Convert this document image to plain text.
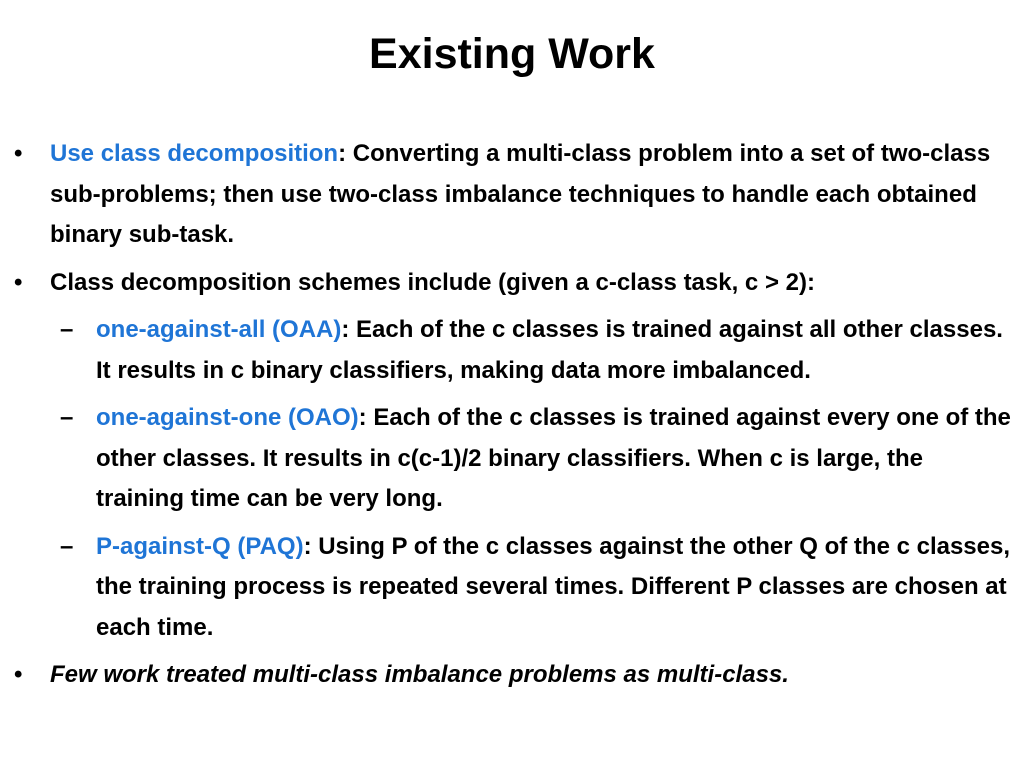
Existing Work
• Use class decomposition: Converting a multi-class problem into a set of two-class sub-problems; then use two-class imbalance techniques to handle each obtained binary sub-task.
• Class decomposition schemes include (given a c-class task, c > 2):
– one-against-all (OAA): Each of the c classes is trained against all other classes. It results in c binary classifiers, making data more imbalanced.
– one-against-one (OAO): Each of the c classes is trained against every one of the other classes. It results in c(c-1)/2 binary classifiers. When c is large, the training time can be very long.
– P-against-Q (PAQ): Using P of the c classes against the other Q of the c classes, the training process is repeated several times. Different P classes are chosen at each time.
• Few work treated multi-class imbalance problems as multi-class.
